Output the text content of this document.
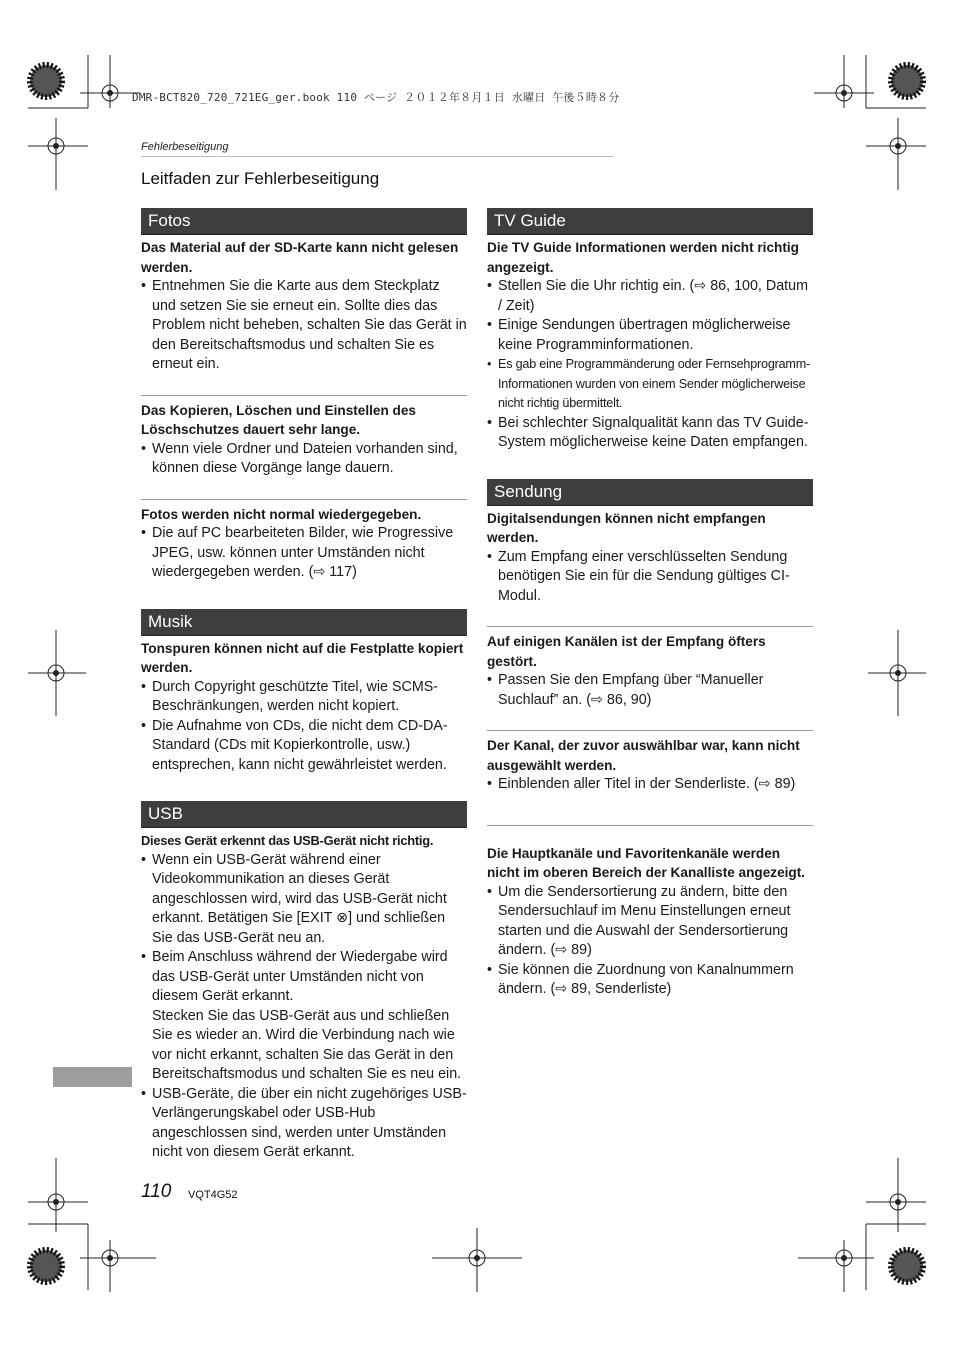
DMR-BCT820_720_721EG_ger.book 110 ページ ２０１２年８月１日 水曜日 午後５時８分
Fehlerbeseitigung
Leitfaden zur Fehlerbeseitigung
Fotos

Das Material auf der SD-Karte kann nicht gelesen werden.

• Entnehmen Sie die Karte aus dem Steckplatz und setzen Sie sie erneut ein. Sollte dies das Problem nicht beheben, schalten Sie das Gerät in den Bereitschaftsmodus und schalten Sie es erneut ein.

Das Kopieren, Löschen und Einstellen des Löschschutzes dauert sehr lange.

• Wenn viele Ordner und Dateien vorhanden sind, können diese Vorgänge lange dauern.

Fotos werden nicht normal wiedergegeben.

• Die auf PC bearbeiteten Bilder, wie Progressive JPEG, usw. können unter Umständen nicht wiedergegeben werden. (⇨ 117)
Musik

Tonspuren können nicht auf die Festplatte kopiert werden.

• Durch Copyright geschützte Titel, wie SCMS-Beschränkungen, werden nicht kopiert.
• Die Aufnahme von CDs, die nicht dem CD-DA-Standard (CDs mit Kopierkontrolle, usw.) entsprechen, kann nicht gewährleistet werden.
USB

Dieses Gerät erkennt das USB-Gerät nicht richtig.

• Wenn ein USB-Gerät während einer Videokommunikation an dieses Gerät angeschlossen wird, wird das USB-Gerät nicht erkannt. Betätigen Sie [EXIT ⊗] und schließen Sie das USB-Gerät neu an.
• Beim Anschluss während der Wiedergabe wird das USB-Gerät unter Umständen nicht von diesem Gerät erkannt.
Stecken Sie das USB-Gerät aus und schließen Sie es wieder an. Wird die Verbindung nach wie vor nicht erkannt, schalten Sie das Gerät in den Bereitschaftsmodus und schalten Sie es neu ein.
• USB-Geräte, die über ein nicht zugehöriges USB-Verlängerungskabel oder USB-Hub angeschlossen sind, werden unter Umständen nicht von diesem Gerät erkannt.
TV Guide

Die TV Guide Informationen werden nicht richtig angezeigt.

• Stellen Sie die Uhr richtig ein. (⇨ 86, 100, Datum / Zeit)
• Einige Sendungen übertragen möglicherweise keine Programminformationen.
• Es gab eine Programmänderung oder Fernsehprogramm-Informationen wurden von einem Sender möglicherweise nicht richtig übermittelt.
• Bei schlechter Signalqualität kann das TV Guide-System möglicherweise keine Daten empfangen.
Sendung

Digitalsendungen können nicht empfangen werden.

• Zum Empfang einer verschlüsselten Sendung benötigen Sie ein für die Sendung gültiges CI-Modul.

Auf einigen Kanälen ist der Empfang öfters gestört.

• Passen Sie den Empfang über “Manueller Suchlauf” an. (⇨ 86, 90)

Der Kanal, der zuvor auswählbar war, kann nicht ausgewählt werden.

• Einblenden aller Titel in der Senderliste. (⇨ 89)

Die Hauptkanäle und Favoritenkanäle werden nicht im oberen Bereich der Kanalliste angezeigt.

• Um die Sendersortierung zu ändern, bitte den Sendersuchlauf im Menu Einstellungen erneut starten und die Auswahl der Sendersortierung ändern. (⇨ 89)
• Sie können die Zuordnung von Kanalnummern ändern. (⇨ 89, Senderliste)
110 VQT4G52
